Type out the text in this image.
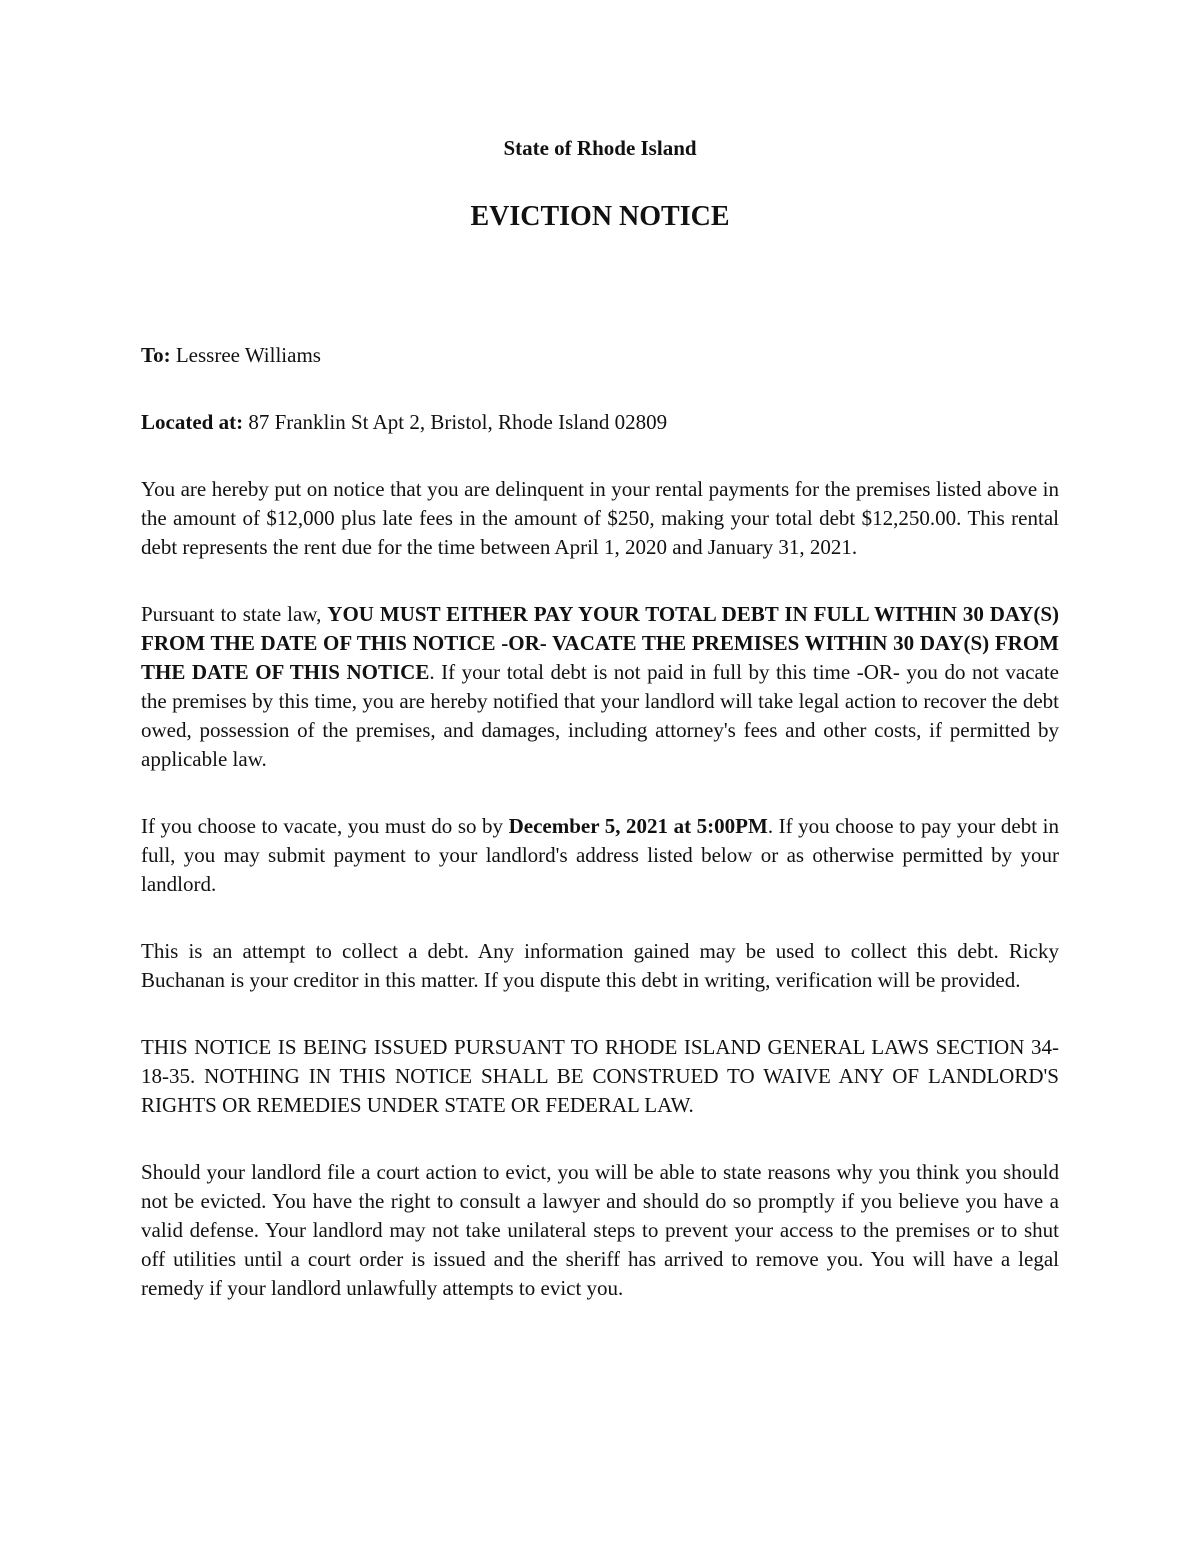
State of Rhode Island
EVICTION NOTICE

To: Lessree Williams

Located at: 87 Franklin St Apt 2, Bristol, Rhode Island 02809

You are hereby put on notice that you are delinquent in your rental payments for the premises listed above in the amount of $12,000 plus late fees in the amount of $250, making your total debt $12,250.00. This rental debt represents the rent due for the time between April 1, 2020 and January 31, 2021.

Pursuant to state law, YOU MUST EITHER PAY YOUR TOTAL DEBT IN FULL WITHIN 30 DAY(S) FROM THE DATE OF THIS NOTICE -OR- VACATE THE PREMISES WITHIN 30 DAY(S) FROM THE DATE OF THIS NOTICE. If your total debt is not paid in full by this time -OR- you do not vacate the premises by this time, you are hereby notified that your landlord will take legal action to recover the debt owed, possession of the premises, and damages, including attorney's fees and other costs, if permitted by applicable law.

If you choose to vacate, you must do so by December 5, 2021 at 5:00PM. If you choose to pay your debt in full, you may submit payment to your landlord's address listed below or as otherwise permitted by your landlord.

This is an attempt to collect a debt. Any information gained may be used to collect this debt. Ricky Buchanan is your creditor in this matter. If you dispute this debt in writing, verification will be provided.

THIS NOTICE IS BEING ISSUED PURSUANT TO RHODE ISLAND GENERAL LAWS SECTION 34-18-35. NOTHING IN THIS NOTICE SHALL BE CONSTRUED TO WAIVE ANY OF LANDLORD'S RIGHTS OR REMEDIES UNDER STATE OR FEDERAL LAW.

Should your landlord file a court action to evict, you will be able to state reasons why you think you should not be evicted. You have the right to consult a lawyer and should do so promptly if you believe you have a valid defense. Your landlord may not take unilateral steps to prevent your access to the premises or to shut off utilities until a court order is issued and the sheriff has arrived to remove you. You will have a legal remedy if your landlord unlawfully attempts to evict you.
